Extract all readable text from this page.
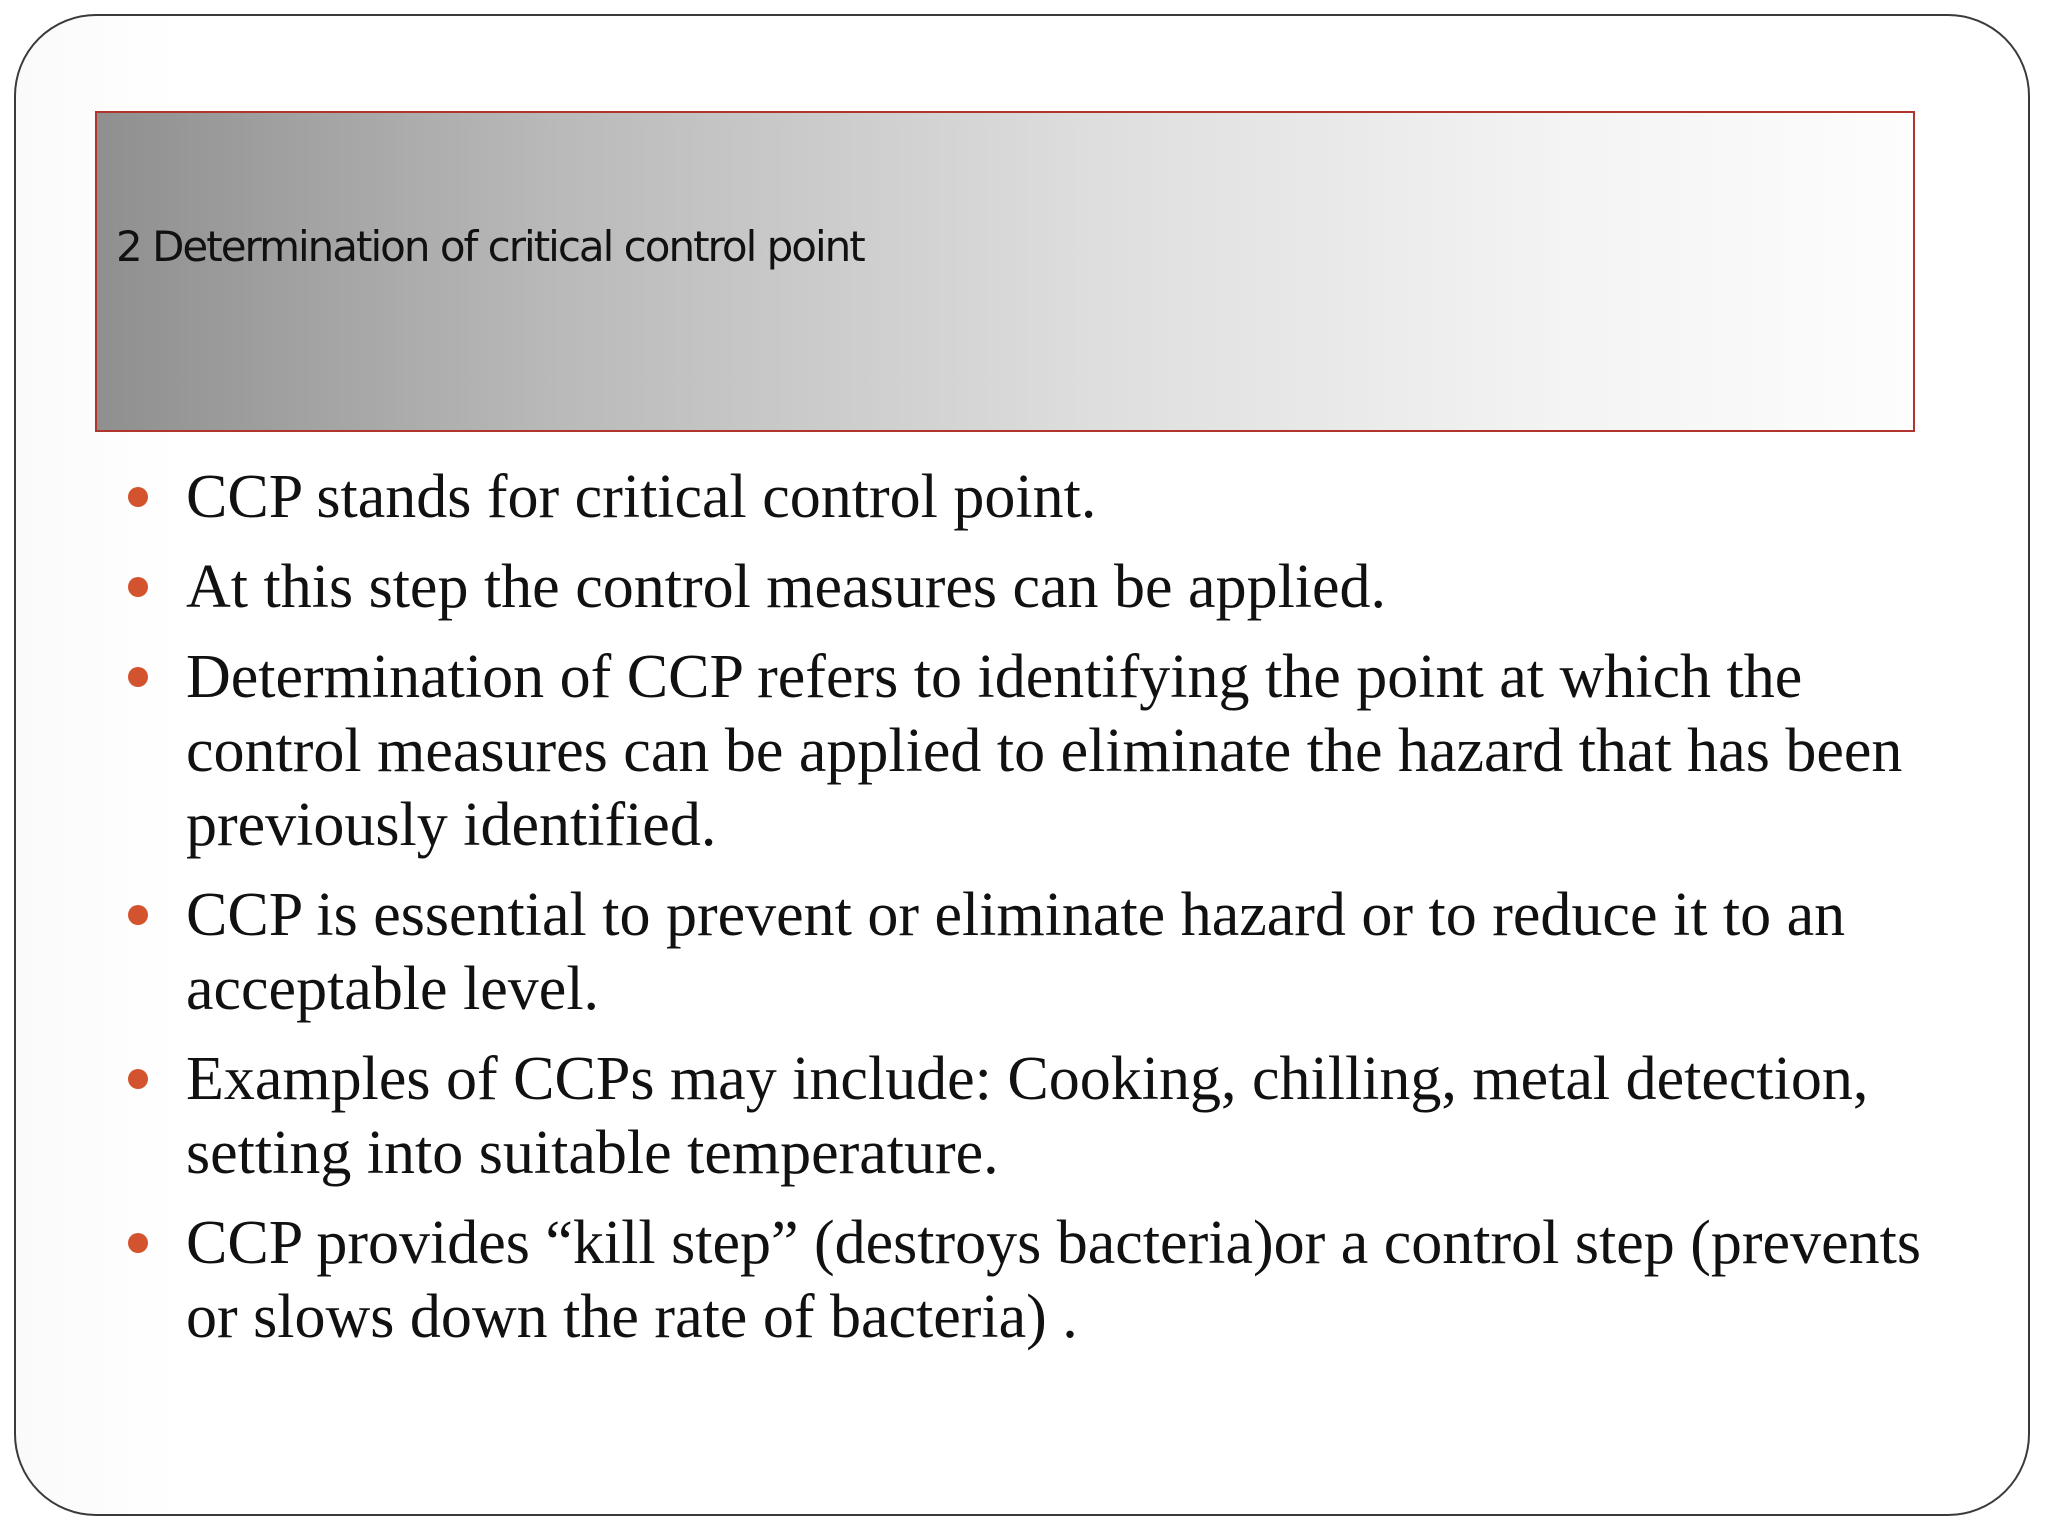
2 Determination of critical control point
CCP stands for critical control point.
At this step the control measures can be applied.
Determination of CCP refers to identifying the point at which the control measures can be applied to eliminate the hazard that has been previously identified.
CCP is essential to prevent or eliminate hazard or to reduce it to an acceptable level.
Examples of CCPs may include: Cooking, chilling, metal detection, setting into suitable temperature.
CCP provides “kill step” (destroys bacteria)or a control step (prevents or slows down the rate of bacteria) .
